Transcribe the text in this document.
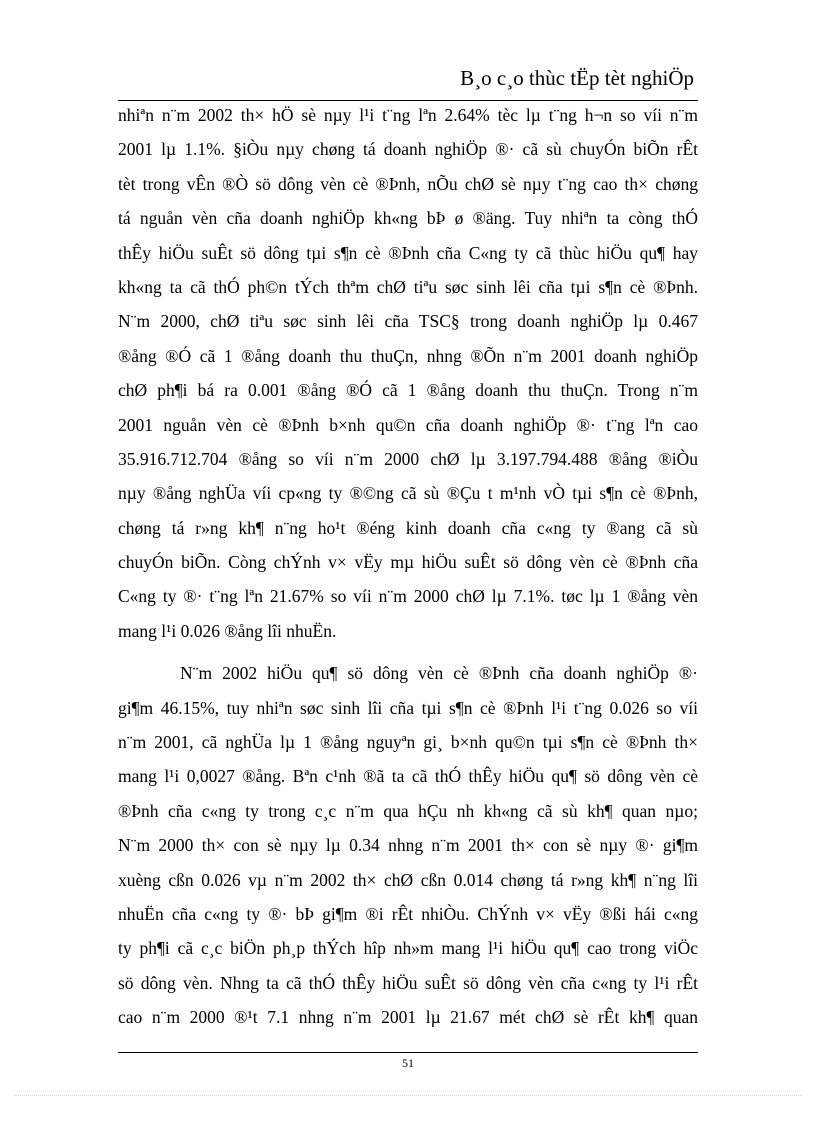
B¸o c¸o thùc tËp tèt nghiÖp
nhiªn n¨m 2002 th× hÖ sè nµy l¹i t¨ng lªn 2.64% tèc lµ t¨ng h¬n so víi n¨m
2001 lµ 1.1%. §iÒu nµy chøng tá doanh nghiÖp ®· cã sù chuyÓn biÕn rÊt
tèt trong vÊn ®Ò sö dông vèn cè ®Þnh, nÕu chØ sè nµy t¨ng cao th× chøng
tá nguån vèn cña doanh nghiÖp kh«ng bÞ ø ®äng. Tuy nhiªn ta còng thÓ
thÊy hiÖu suÊt sö dông tµi s¶n cè ®Þnh cña C«ng ty cã thùc hiÖu qu¶ hay
kh«ng ta cã thÓ ph©n tÝch thªm chØ tiªu søc sinh lêi cña tµi s¶n cè ®Þnh.
N¨m 2000, chØ tiªu søc sinh lêi cña TSC§ trong doanh nghiÖp lµ 0.467
®ång ®Ó cã 1 ®ång doanh thu thuÇn, nhng ®Õn n¨m 2001 doanh nghiÖp
chØ ph¶i bá ra 0.001 ®ång ®Ó cã 1 ®ång doanh thu thuÇn. Trong n¨m
2001 nguån vèn cè ®Þnh b×nh qu©n cña doanh nghiÖp ®· t¨ng lªn cao
35.916.712.704 ®ång so víi n¨m 2000 chØ lµ 3.197.794.488 ®ång ®iÒu
nµy ®ång nghÜa víi cp«ng ty ®©ng cã sù ®Çu t m¹nh vÒ tµi s¶n cè ®Þnh,
chøng tá r»ng kh¶ n¨ng ho¹t ®éng kinh doanh cña c«ng ty ®ang cã sù
chuyÓn biÕn. Còng chÝnh v× vËy mµ hiÖu suÊt sö dông vèn cè ®Þnh cña
C«ng ty ®· t¨ng lªn 21.67% so víi n¨m 2000 chØ lµ 7.1%. tøc lµ 1 ®ång vèn
mang l¹i 0.026 ®ång lîi nhuËn.
N¨m 2002 hiÖu qu¶ sö dông vèn cè ®Þnh cña doanh nghiÖp ®·
gi¶m 46.15%, tuy nhiªn søc sinh lîi cña tµi s¶n cè ®Þnh l¹i t¨ng 0.026 so víi
n¨m 2001, cã nghÜa lµ 1 ®ång nguyªn gi¸ b×nh qu©n tµi s¶n cè ®Þnh th×
mang l¹i 0,0027 ®ång. Bªn c¹nh ®ã ta cã thÓ thÊy hiÖu qu¶ sö dông vèn cè
®Þnh cña c«ng ty trong c¸c n¨m qua hÇu nh kh«ng cã sù kh¶ quan nµo;
N¨m 2000 th× con sè nµy lµ 0.34 nhng n¨m 2001 th× con sè nµy ®· gi¶m
xuèng cßn 0.026 vµ n¨m 2002 th× chØ cßn 0.014 chøng tá r»ng kh¶ n¨ng lîi
nhuËn cña c«ng ty ®· bÞ gi¶m ®i rÊt nhiÒu. ChÝnh v× vËy ®ßi hái c«ng
ty ph¶i cã c¸c biÖn ph¸p thÝch hîp nh»m mang l¹i hiÖu qu¶ cao trong viÖc
sö dông vèn. Nhng ta cã thÓ thÊy hiÖu suÊt sö dông vèn cña c«ng ty l¹i rÊt
cao n¨m 2000 ®¹t 7.1 nhng n¨m 2001 lµ 21.67 mét chØ sè rÊt kh¶ quan
51
